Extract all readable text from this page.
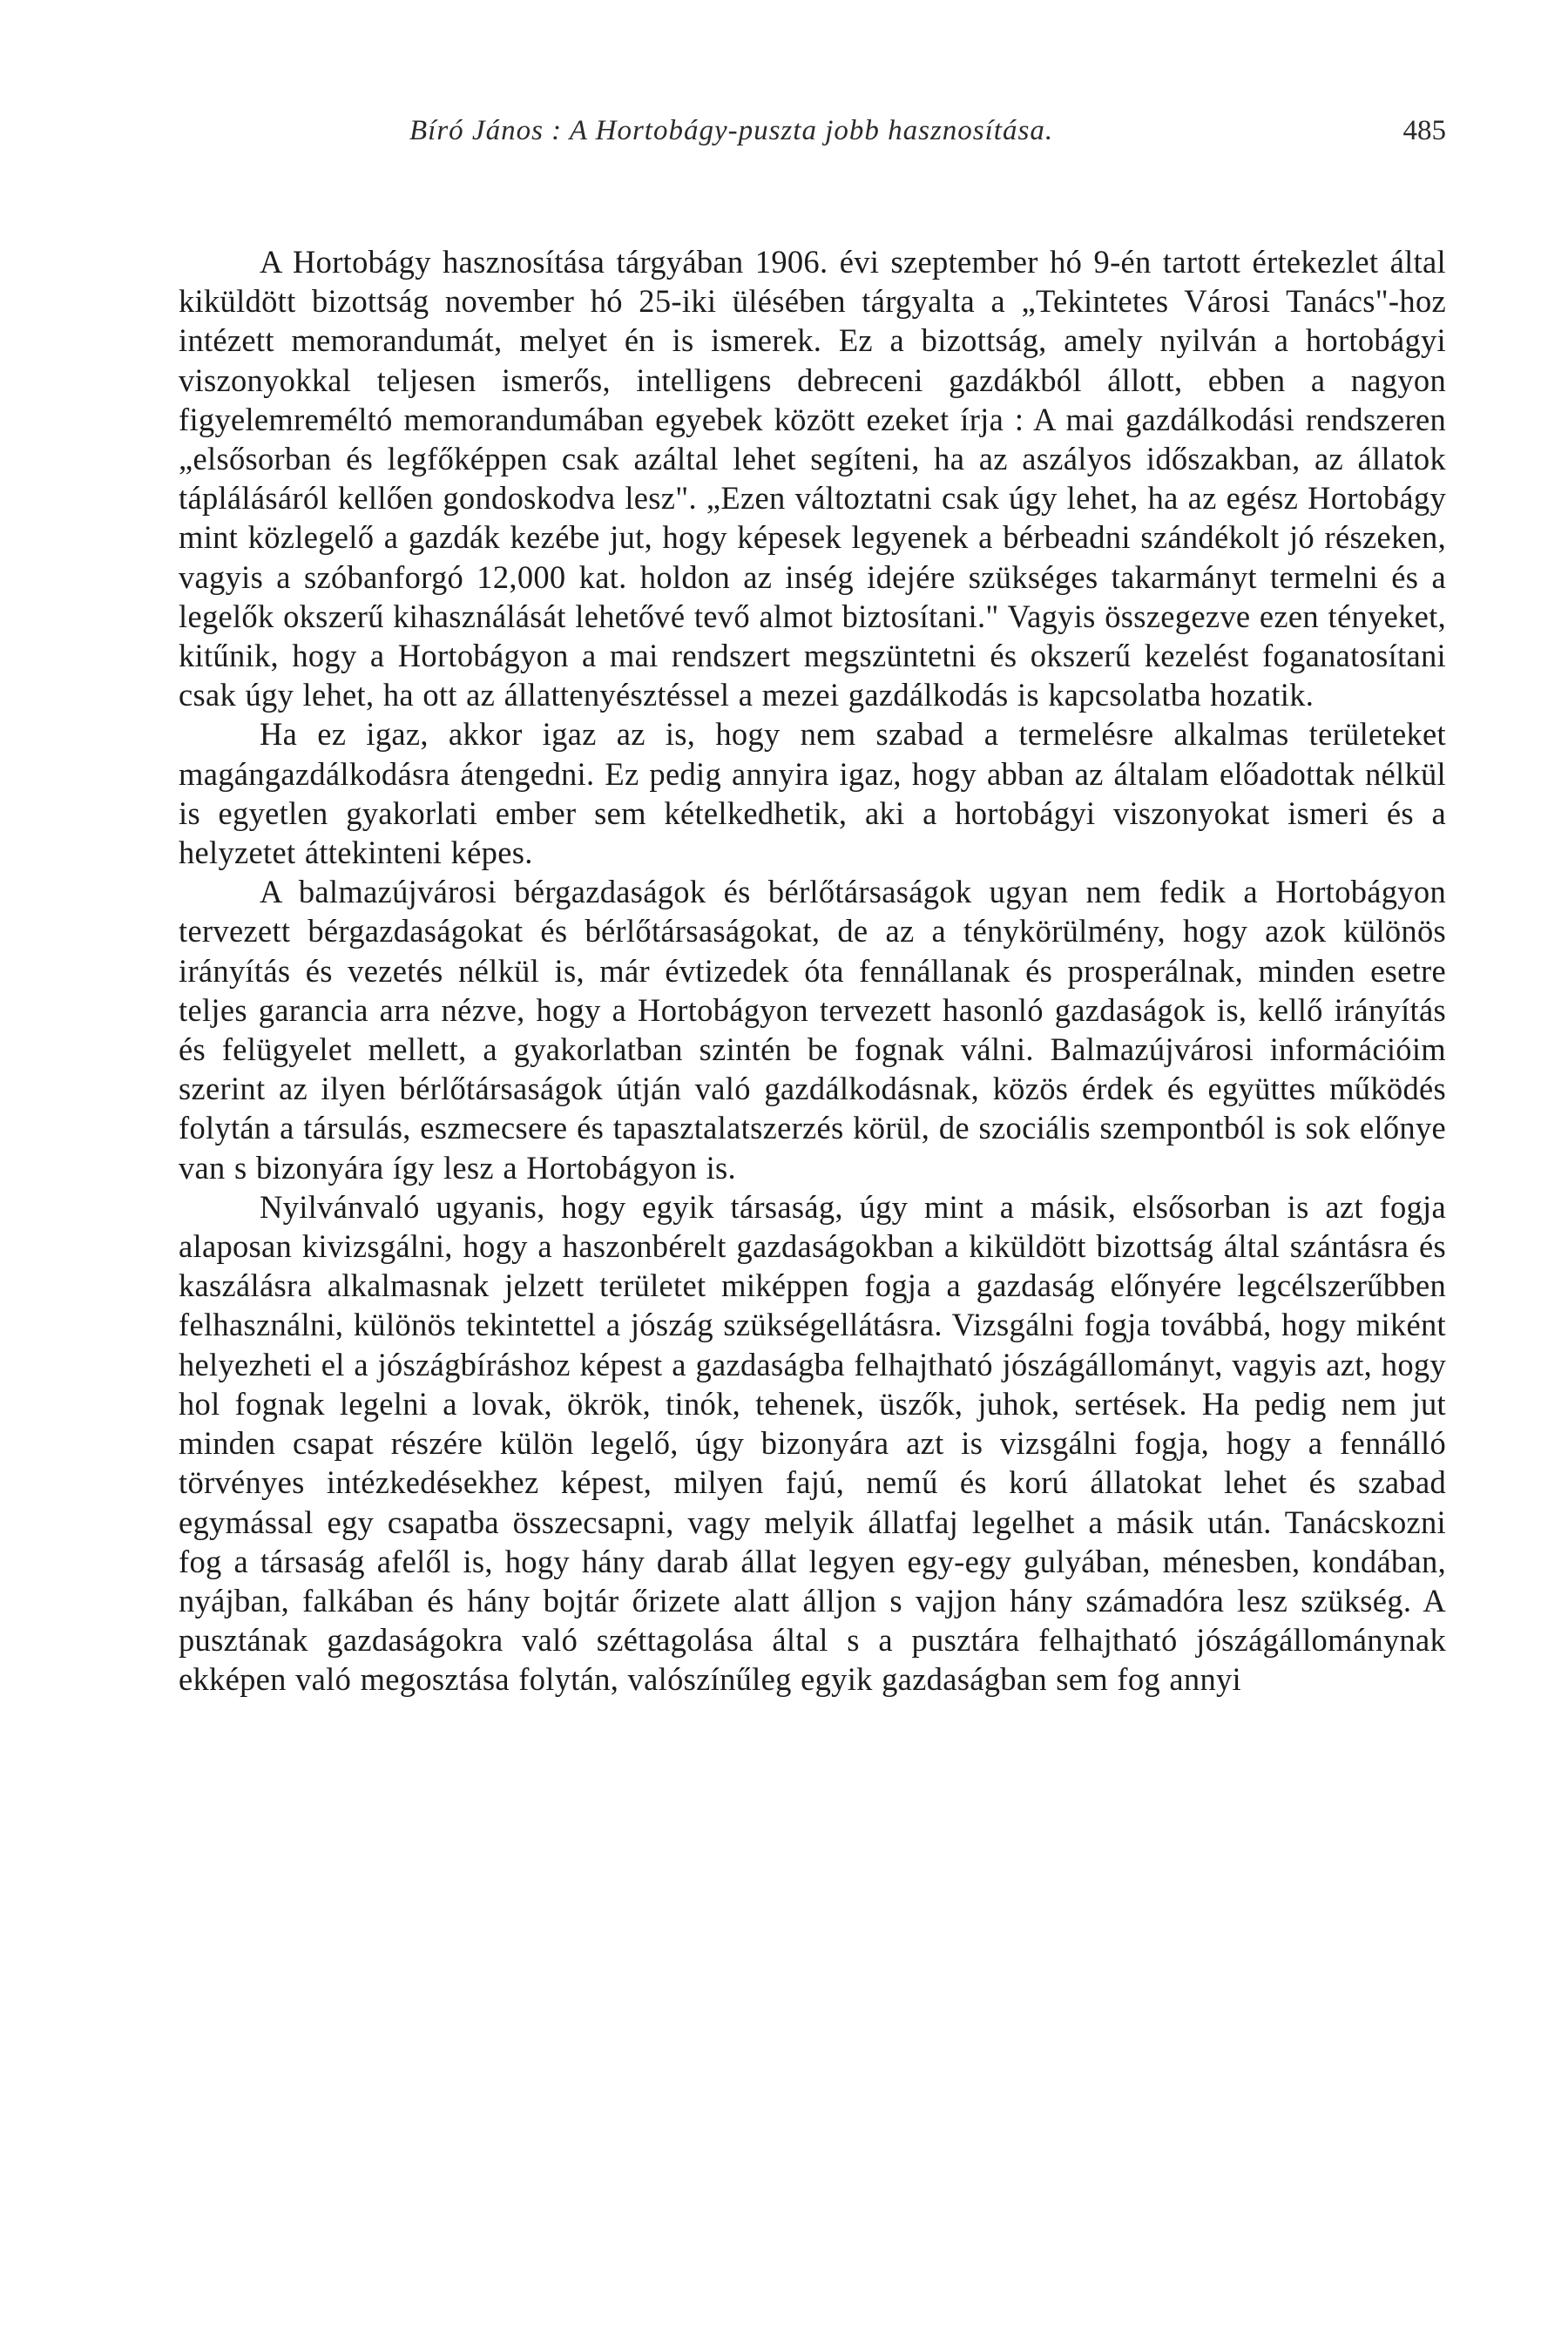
Bíró János : A Hortobágy-puszta jobb hasznosítása.	485

A Hortobágy hasznosítása tárgyában 1906. évi szeptember hó 9-én tartott értekezlet által kiküldött bizottság november hó 25-iki ülésében tárgyalta a „Tekintetes Városi Tanács"-hoz intézett memorandumát, melyet én is ismerek. Ez a bizottság, amely nyilván a hortobágyi viszonyokkal teljesen ismerős, intelligens debreceni gazdákból állott, ebben a nagyon figyelemreméltó memorandumában egyebek között ezeket írja : A mai gazdálkodási rendszeren „elsősorban és legfőképpen csak azáltal lehet segíteni, ha az aszályos időszakban, az állatok táplálásáról kellően gondoskodva lesz". „Ezen változtatni csak úgy lehet, ha az egész Hortobágy mint közlegelő a gazdák kezébe jut, hogy képesek legyenek a bérbeadni szándékolt jó részeken, vagyis a szóbanforgó 12,000 kat. holdon az inség idejére szükséges takarmányt termelni és a legelők okszerű kihasználását lehetővé tevő almot biztosítani." Vagyis összegezve ezen tényeket, kitűnik, hogy a Hortobágyon a mai rendszert megszüntetni és okszerű kezelést foganatosítani csak úgy lehet, ha ott az állattenyésztéssel a mezei gazdálkodás is kapcsolatba hozatik.

Ha ez igaz, akkor igaz az is, hogy nem szabad a termelésre alkalmas területeket magángazdálkodásra átengedni. Ez pedig annyira igaz, hogy abban az általam előadottak nélkül is egyetlen gyakorlati ember sem kételkedhetik, aki a hortobágyi viszonyokat ismeri és a helyzetet áttekinteni képes.

A balmazújvárosi bérgazdaságok és bérlőtársaságok ugyan nem fedik a Hortobágyon tervezett bérgazdaságokat és bérlőtársaságokat, de az a ténykörülmény, hogy azok különös irányítás és vezetés nélkül is, már évtizedek óta fennállanak és prosperálnak, minden esetre teljes garancia arra nézve, hogy a Hortobágyon tervezett hasonló gazdaságok is, kellő irányítás és felügyelet mellett, a gyakorlatban szintén be fognak válni. Balmazújvárosi információim szerint az ilyen bérlőtársaságok útján való gazdálkodásnak, közös érdek és együttes működés folytán a társulás, eszmecsere és tapasztalatszerzés körül, de szociális szempontból is sok előnye van s bizonyára így lesz a Hortobágyon is.

Nyilvánvaló ugyanis, hogy egyik társaság, úgy mint a másik, elsősorban is azt fogja alaposan kivizsgálni, hogy a haszonbérelt gazdaságokban a kiküldött bizottság által szántásra és kaszálásra alkalmasnak jelzett területet miképpen fogja a gazdaság előnyére legcélszerűbben felhasználni, különös tekintettel a jószág szükségellátásra. Vizsgálni fogja továbbá, hogy miként helyezheti el a jószágbíráshoz képest a gazdaságba felhajtható jószágállományt, vagyis azt, hogy hol fognak legelni a lovak, ökrök, tinók, tehenek, üszők, juhok, sertések. Ha pedig nem jut minden csapat részére külön legelő, úgy bizonyára azt is vizsgálni fogja, hogy a fennálló törvényes intézkedésekhez képest, milyen fajú, nemű és korú állatokat lehet és szabad egymással egy csapatba összecsapni, vagy melyik állatfaj legelhet a másik után. Tanácskozni fog a társaság afelől is, hogy hány darab állat legyen egy-egy gulyában, ménesben, kondában, nyájban, falkában és hány bojtár őrizete alatt álljon s vajjon hány számadóra lesz szükség. A pusztának gazdaságokra való széttagolása által s a pusztára felhajtható jószágállománynak ekképen való megosztása folytán, valószínűleg egyik gazdaságban sem fog annyi
